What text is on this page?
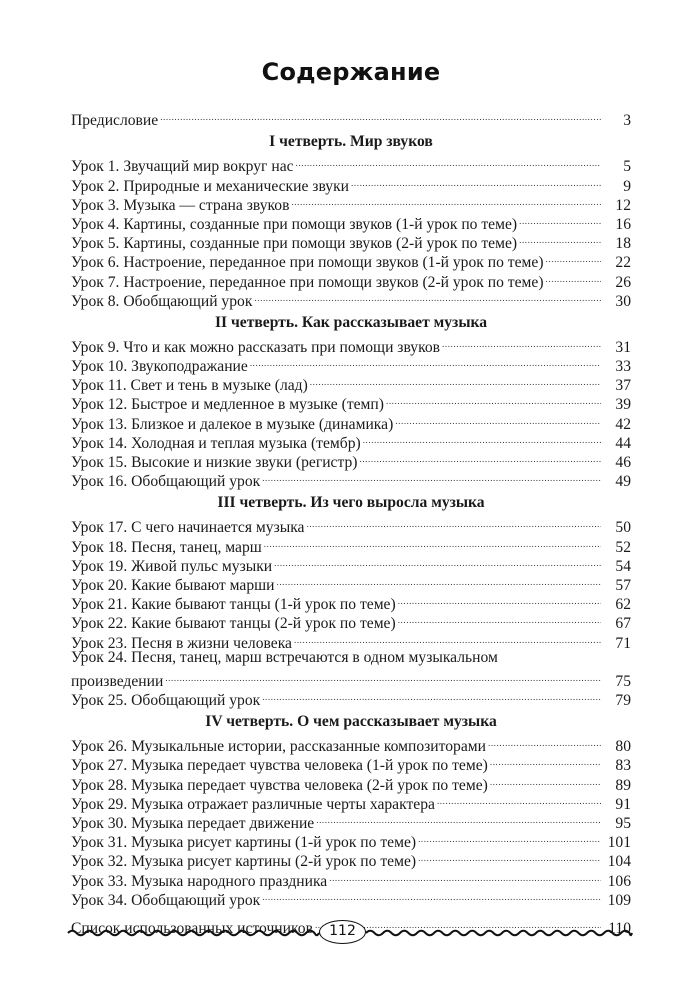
Содержание
Предисловие .....	3
I четверть. Мир звуков
Урок 1. Звучащий мир вокруг нас .....	5
Урок 2. Природные и механические звуки .....	9
Урок 3. Музыка — страна звуков .....	12
Урок 4. Картины, созданные при помощи звуков (1-й урок по теме) .....	16
Урок 5. Картины, созданные при помощи звуков (2-й урок по теме) .....	18
Урок 6. Настроение, переданное при помощи звуков (1-й урок по теме) .....	22
Урок 7. Настроение, переданное при помощи звуков (2-й урок по теме) .....	26
Урок 8. Обобщающий урок .....	30
II четверть. Как рассказывает музыка
Урок 9. Что и как можно рассказать при помощи звуков .....	31
Урок 10. Звукоподражание .....	33
Урок 11. Свет и тень в музыке (лад) .....	37
Урок 12. Быстрое и медленное в музыке (темп) .....	39
Урок 13. Близкое и далекое в музыке (динамика) .....	42
Урок 14. Холодная и теплая музыка (тембр) .....	44
Урок 15. Высокие и низкие звуки (регистр) .....	46
Урок 16. Обобщающий урок .....	49
III четверть. Из чего выросла музыка
Урок 17. С чего начинается музыка .....	50
Урок 18. Песня, танец, марш .....	52
Урок 19. Живой пульс музыки .....	54
Урок 20. Какие бывают марши .....	57
Урок 21. Какие бывают танцы (1-й урок по теме) .....	62
Урок 22. Какие бывают танцы (2-й урок по теме) .....	67
Урок 23. Песня в жизни человека .....	71
Урок 24. Песня, танец, марш встречаются в одном музыкальном
произведении .....	75
Урок 25. Обобщающий урок .....	79
IV четверть. О чем рассказывает музыка
Урок 26. Музыкальные истории, рассказанные композиторами .....	80
Урок 27. Музыка передает чувства человека (1-й урок по теме) .....	83
Урок 28. Музыка передает чувства человека (2-й урок по теме) .....	89
Урок 29. Музыка отражает различные черты характера .....	91
Урок 30. Музыка передает движение .....	95
Урок 31. Музыка рисует картины (1-й урок по теме) .....	101
Урок 32. Музыка рисует картины (2-й урок по теме) .....	104
Урок 33. Музыка народного праздника .....	106
Урок 34. Обобщающий урок .....	109
Список использованных источников .....	110
112
